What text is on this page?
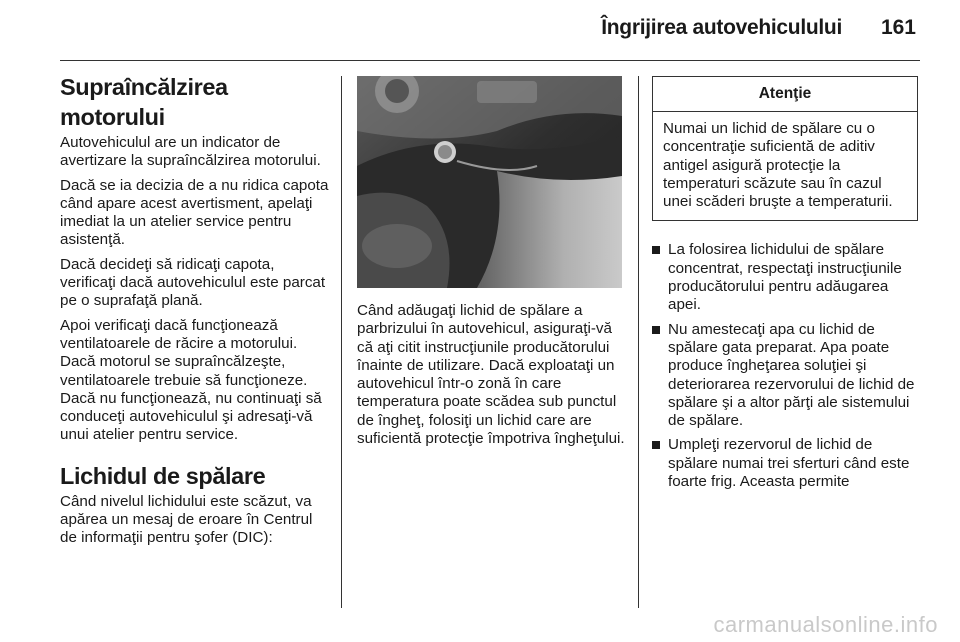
Îngrijirea autovehiculului 161
Supraîncălzirea motorului

Autovehiculul are un indicator de avertizare la supraîncălzirea motorului.

Dacă se ia decizia de a nu ridica capota când apare acest avertisment, apelaţi imediat la un atelier service pentru asistenţă.

Dacă decideţi să ridicaţi capota, verificaţi dacă autovehiculul este parcat pe o suprafaţă plană.

Apoi verificaţi dacă funcţionează ventilatoarele de răcire a motorului. Dacă motorul se supraîncălzeşte, ventilatoarele trebuie să funcţioneze. Dacă nu funcţionează, nu continuaţi să conduceţi autovehiculul şi adresaţi-vă unui atelier pentru service.

Lichidul de spălare

Când nivelul lichidului este scăzut, va apărea un mesaj de eroare în Centrul de informaţii pentru şofer (DIC):

Când adăugaţi lichid de spălare a parbrizului în autovehicul, asiguraţi-vă că aţi citit instrucţiunile producătorului înainte de utilizare. Dacă exploataţi un autovehicul într-o zonă în care temperatura poate scădea sub punctul de îngheţ, folosiţi un lichid care are suficientă protecţie împotriva îngheţului.

Atenţie
Numai un lichid de spălare cu o concentraţie suficientă de aditiv antigel asigură protecţie la temperaturi scăzute sau în cazul unei scăderi bruşte a temperaturii.
La folosirea lichidului de spălare concentrat, respectaţi instrucţiunile producătorului pentru adăugarea apei.
Nu amestecaţi apa cu lichid de spălare gata preparat. Apa poate produce îngheţarea soluţiei şi deteriorarea rezervorului de lichid de spălare şi a altor părţi ale sistemului de spălare.
Umpleţi rezervorul de lichid de spălare numai trei sferturi când este foarte frig. Aceasta permite
carmanualsonline.info
